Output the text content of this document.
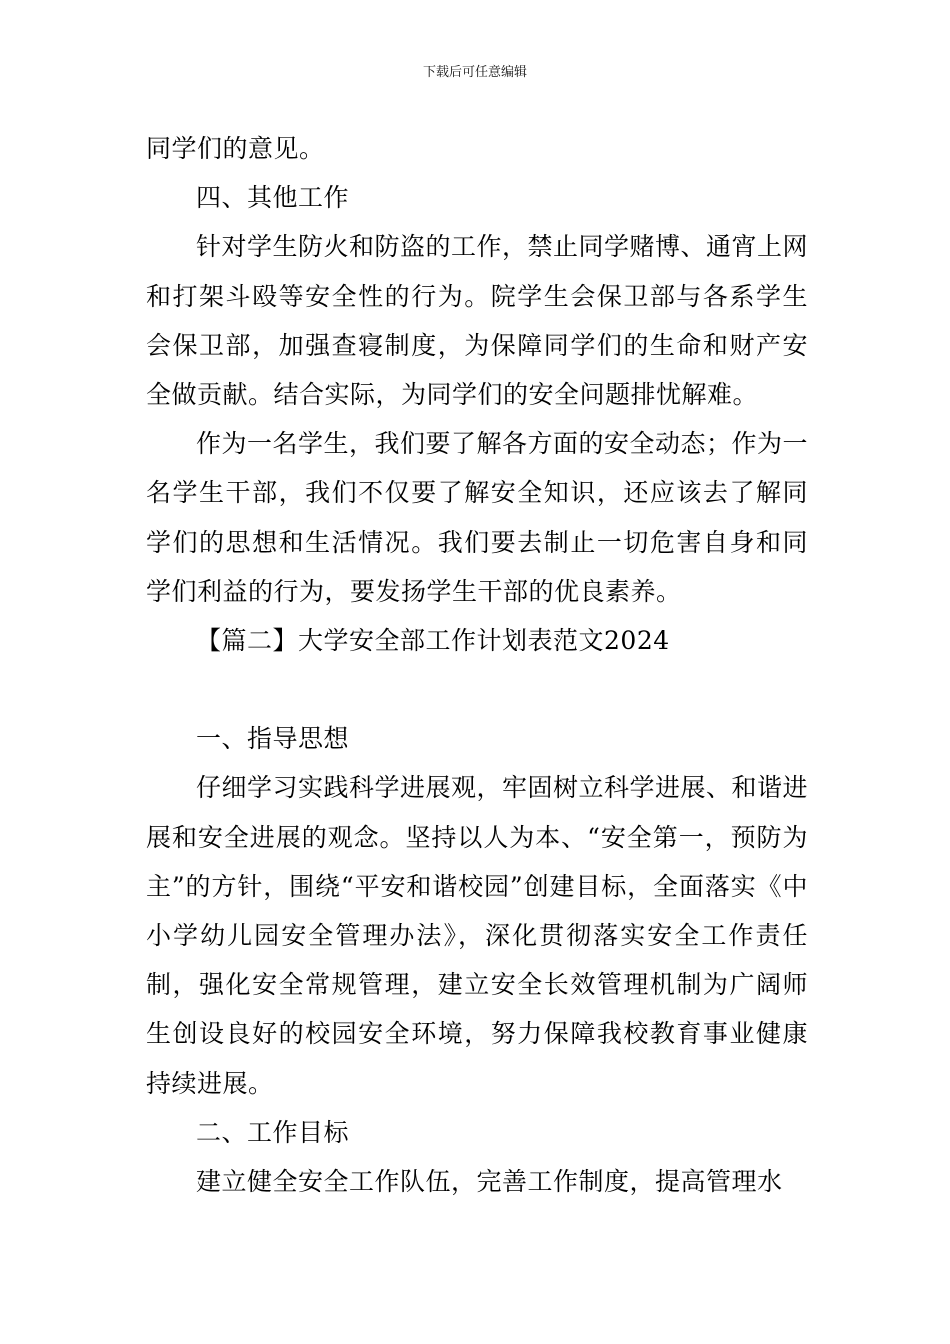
下载后可任意编辑

同学们的意见。

四、其他工作

针对学生防火和防盗的工作，禁止同学赌博、通宵上网和打架斗殴等安全性的行为。院学生会保卫部与各系学生会保卫部，加强查寝制度，为保障同学们的生命和财产安全做贡献。结合实际，为同学们的安全问题排忧解难。

作为一名学生，我们要了解各方面的安全动态；作为一名学生干部，我们不仅要了解安全知识，还应该去了解同学们的思想和生活情况。我们要去制止一切危害自身和同学们利益的行为，要发扬学生干部的优良素养。

【篇二】大学安全部工作计划表范文2024

一、指导思想

仔细学习实践科学进展观，牢固树立科学进展、和谐进展和安全进展的观念。坚持以人为本、“安全第一，预防为主”的方针，围绕“平安和谐校园”创建目标，全面落实《中小学幼儿园安全管理办法》，深化贯彻落实安全工作责任制，强化安全常规管理，建立安全长效管理机制为广阔师生创设良好的校园安全环境，努力保障我校教育事业健康持续进展。

二、工作目标

建立健全安全工作队伍，完善工作制度，提高管理水
